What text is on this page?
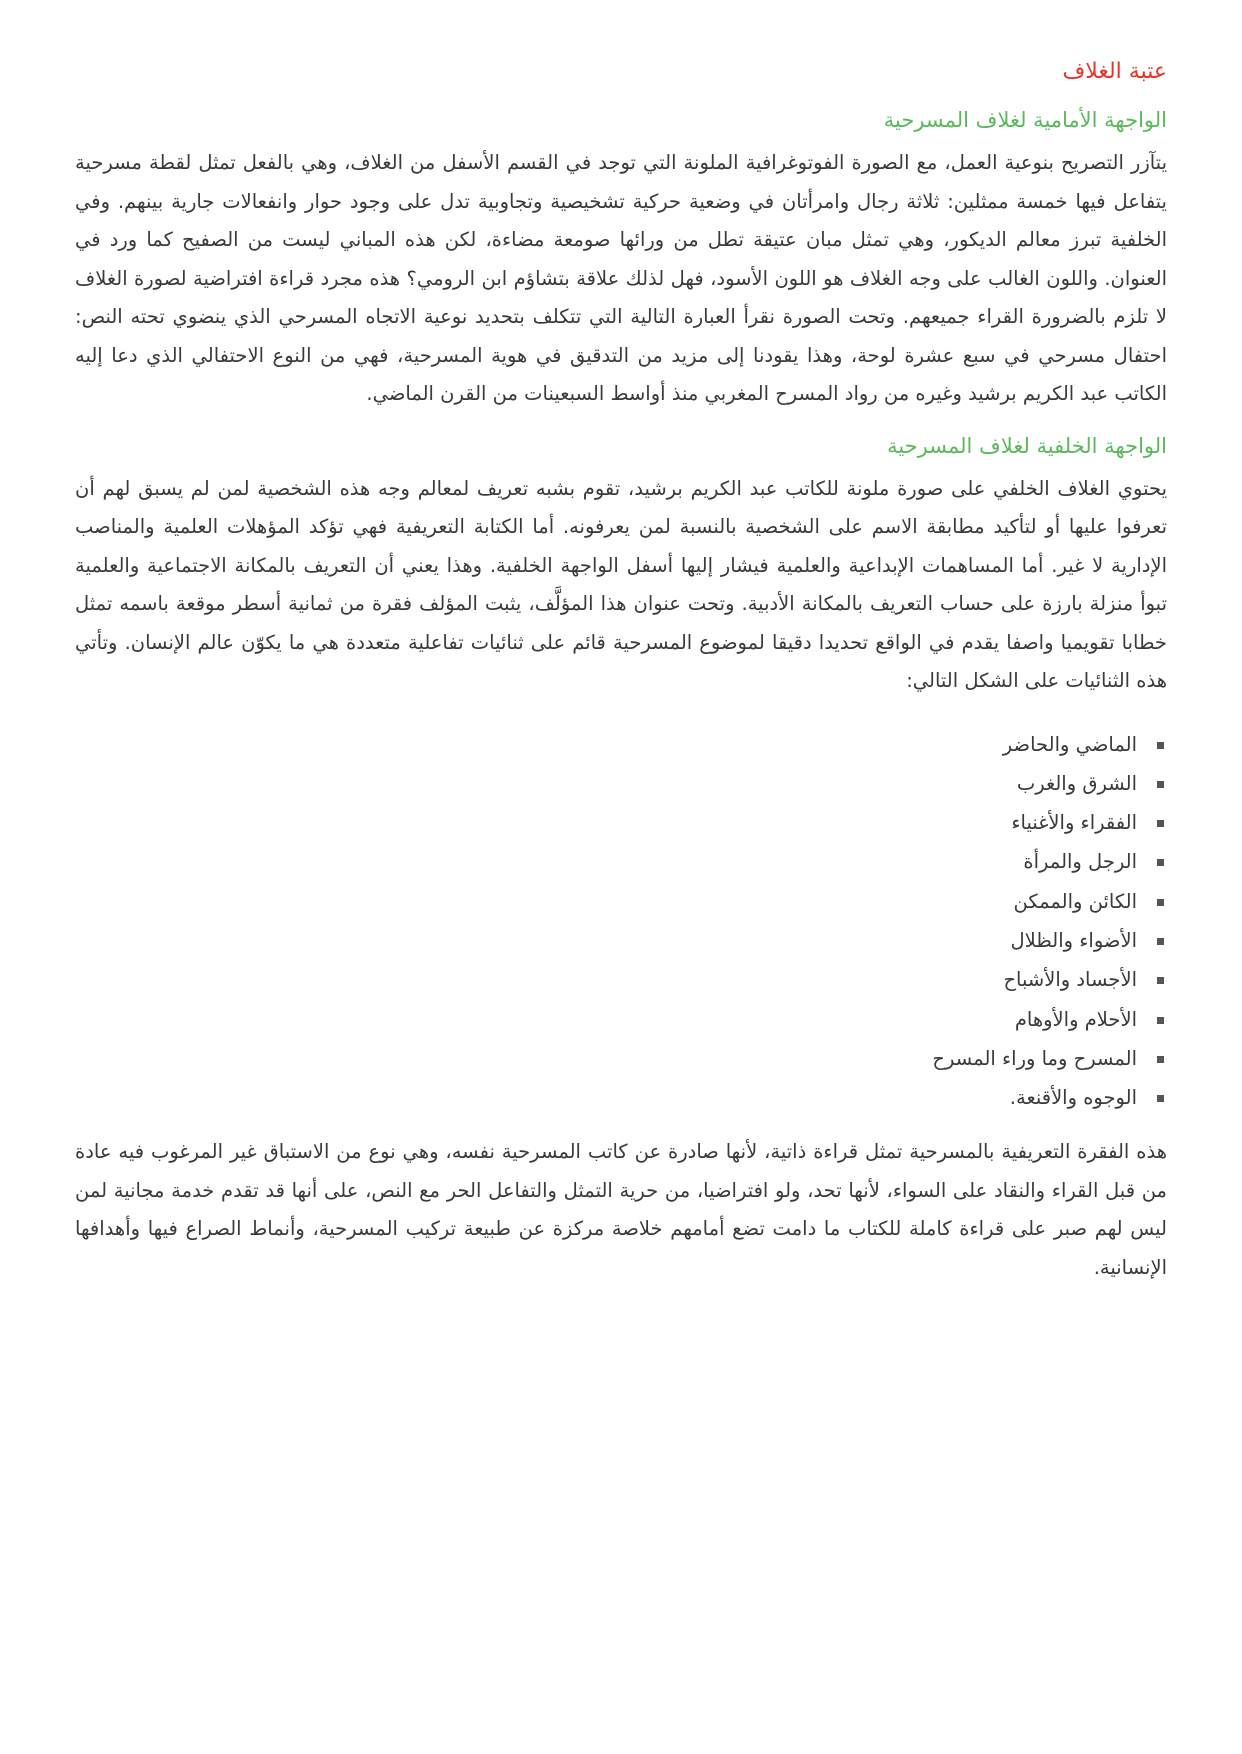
عتبة الغلاف
الواجهة الأمامية لغلاف المسرحية

يتآزر التصريح بنوعية العمل، مع الصورة الفوتوغرافية الملونة التي توجد في القسم الأسفل من الغلاف، وهي بالفعل تمثل لقطة مسرحية يتفاعل فيها خمسة ممثلين: ثلاثة رجال وامرأتان في وضعية حركية تشخيصية وتجاوبية تدل على وجود حوار وانفعالات جارية بينهم. وفي الخلفية تبرز معالم الديكور، وهي تمثل مبان عتيقة تطل من ورائها صومعة مضاءة، لكن هذه المباني ليست من الصفيح كما ورد في العنوان. واللون الغالب على وجه الغلاف هو اللون الأسود، فهل لذلك علاقة بتشاؤم ابن الرومي؟ هذه مجرد قراءة افتراضية لصورة الغلاف لا تلزم بالضرورة القراء جميعهم. وتحت الصورة نقرأ العبارة التالية التي تتكلف بتحديد نوعية الاتجاه المسرحي الذي ينضوي تحته النص: احتفال مسرحي في سبع عشرة لوحة، وهذا يقودنا إلى مزيد من التدقيق في هوية المسرحية، فهي من النوع الاحتفالي الذي دعا إليه الكاتب عبد الكريم برشيد وغيره من رواد المسرح المغربي منذ أواسط السبعينات من القرن الماضي.

الواجهة الخلفية لغلاف المسرحية

يحتوي الغلاف الخلفي على صورة ملونة للكاتب عبد الكريم برشيد، تقوم بشبه تعريف لمعالم وجه هذه الشخصية لمن لم يسبق لهم أن تعرفوا عليها أو لتأكيد مطابقة الاسم على الشخصية بالنسبة لمن يعرفونه. أما الكتابة التعريفية فهي تؤكد المؤهلات العلمية والمناصب الإدارية لا غير. أما المساهمات الإبداعية والعلمية فيشار إليها أسفل الواجهة الخلفية. وهذا يعني أن التعريف بالمكانة الاجتماعية والعلمية تبوأ منزلة بارزة على حساب التعريف بالمكانة الأدبية. وتحت عنوان هذا المؤلَّف، يثبت المؤلف فقرة من ثمانية أسطر موقعة باسمه تمثل خطابا تقويميا واصفا يقدم في الواقع تحديدا دقيقا لموضوع المسرحية قائم على ثنائيات تفاعلية متعددة هي ما يكوّن عالم الإنسان. وتأتي هذه الثنائيات على الشكل التالي:

الماضي والحاضر
الشرق والغرب
الفقراء والأغنياء
الرجل والمرأة
الكائن والممكن
الأضواء والظلال
الأجساد والأشباح
الأحلام والأوهام
المسرح وما وراء المسرح
الوجوه والأقنعة.

هذه الفقرة التعريفية بالمسرحية تمثل قراءة ذاتية، لأنها صادرة عن كاتب المسرحية نفسه، وهي نوع من الاستباق غير المرغوب فيه عادة من قبل القراء والنقاد على السواء، لأنها تحد، ولو افتراضيا، من حرية التمثل والتفاعل الحر مع النص، على أنها قد تقدم خدمة مجانية لمن ليس لهم صبر على قراءة كاملة للكتاب ما دامت تضع أمامهم خلاصة مركزة عن طبيعة تركيب المسرحية، وأنماط الصراع فيها وأهدافها الإنسانية.
